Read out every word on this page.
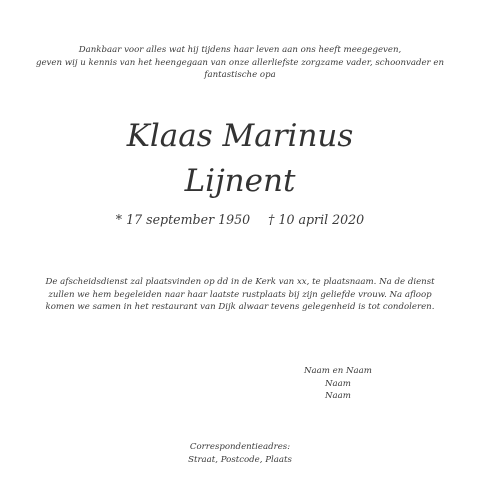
Dankbaar voor alles wat hij tijdens haar leven aan ons heeft meegegeven,
geven wij u kennis van het heengegaan van onze allerliefste zorgzame vader, schoonvader en
fantastische opa
Klaas Marinus
Lijnent
* 17 september 1950 † 10 april 2020
De afscheidsdienst zal plaatsvinden op dd in de Kerk van xx, te plaatsnaam. Na de dienst
zullen we hem begeleiden naar haar laatste rustplaats bij zijn geliefde vrouw. Na afloop
komen we samen in het restaurant van Dijk alwaar tevens gelegenheid is tot condoleren.
Naam en Naam
Naam
Naam
Correspondentieadres:
Straat, Postcode, Plaats
